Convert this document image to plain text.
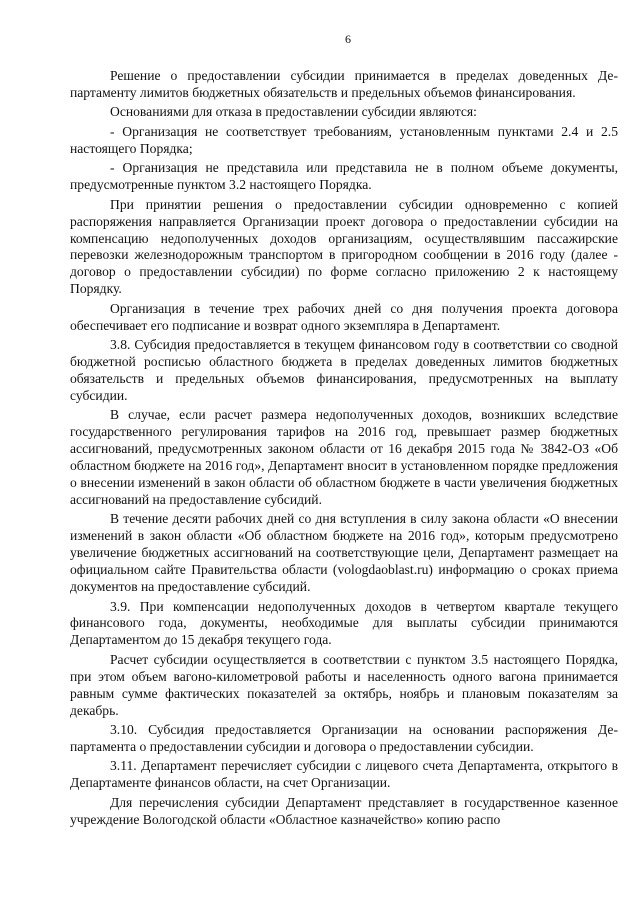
6

Решение о предоставлении субсидии принимается в пределах доведенных Департаменту лимитов бюджетных обязательств и предельных объемов финансирования.

Основаниями для отказа в предоставлении субсидии являются:

- Организация не соответствует требованиям, установленным пунктами 2.4 и 2.5 настоящего Порядка;

- Организация не представила или представила не в полном объеме документы, предусмотренные пунктом 3.2 настоящего Порядка.

При принятии решения о предоставлении субсидии одновременно с копией распоряжения направляется Организации проект договора о предоставлении субсидии на компенсацию недополученных доходов организациям, осуществлявшим пассажирские перевозки железнодорожным транспортом в пригородном сообщении в 2016 году (далее - договор о предоставлении субсидии) по форме согласно приложению 2 к настоящему Порядку.

Организация в течение трех рабочих дней со дня получения проекта договора обеспечивает его подписание и возврат одного экземпляра в Департамент.

3.8. Субсидия предоставляется в текущем финансовом году в соответствии со сводной бюджетной росписью областного бюджета в пределах доведенных лимитов бюджетных обязательств и предельных объемов финансирования, предусмотренных на выплату субсидии.

В случае, если расчет размера недополученных доходов, возникших вследствие государственного регулирования тарифов на 2016 год, превышает размер бюджетных ассигнований, предусмотренных законом области от 16 декабря 2015 года № 3842-ОЗ «Об областном бюджете на 2016 год», Департамент вносит в установленном порядке предложения о внесении изменений в закон области об областном бюджете в части увеличения бюджетных ассигнований на предоставление субсидий.

В течение десяти рабочих дней со дня вступления в силу закона области «О внесении изменений в закон области «Об областном бюджете на 2016 год», которым предусмотрено увеличение бюджетных ассигнований на соответствующие цели, Департамент размещает на официальном сайте Правительства области (vologdaoblast.ru) информацию о сроках приема документов на предоставление субсидий.

3.9. При компенсации недополученных доходов в четвертом квартале текущего финансового года, документы, необходимые для выплаты субсидии принимаются Департаментом до 15 декабря текущего года.

Расчет субсидии осуществляется в соответствии с пунктом 3.5 настоящего Порядка, при этом объем вагоно-километровой работы и населенность одного вагона принимается равным сумме фактических показателей за октябрь, ноябрь и плановым показателям за декабрь.

3.10. Субсидия предоставляется Организации на основании распоряжения Департамента о предоставлении субсидии и договора о предоставлении субсидии.

3.11. Департамент перечисляет субсидии с лицевого счета Департамента, открытого в Департаменте финансов области, на счет Организации.

Для перечисления субсидии Департамент представляет в государственное казенное учреждение Вологодской области «Областное казначейство» копию распо
